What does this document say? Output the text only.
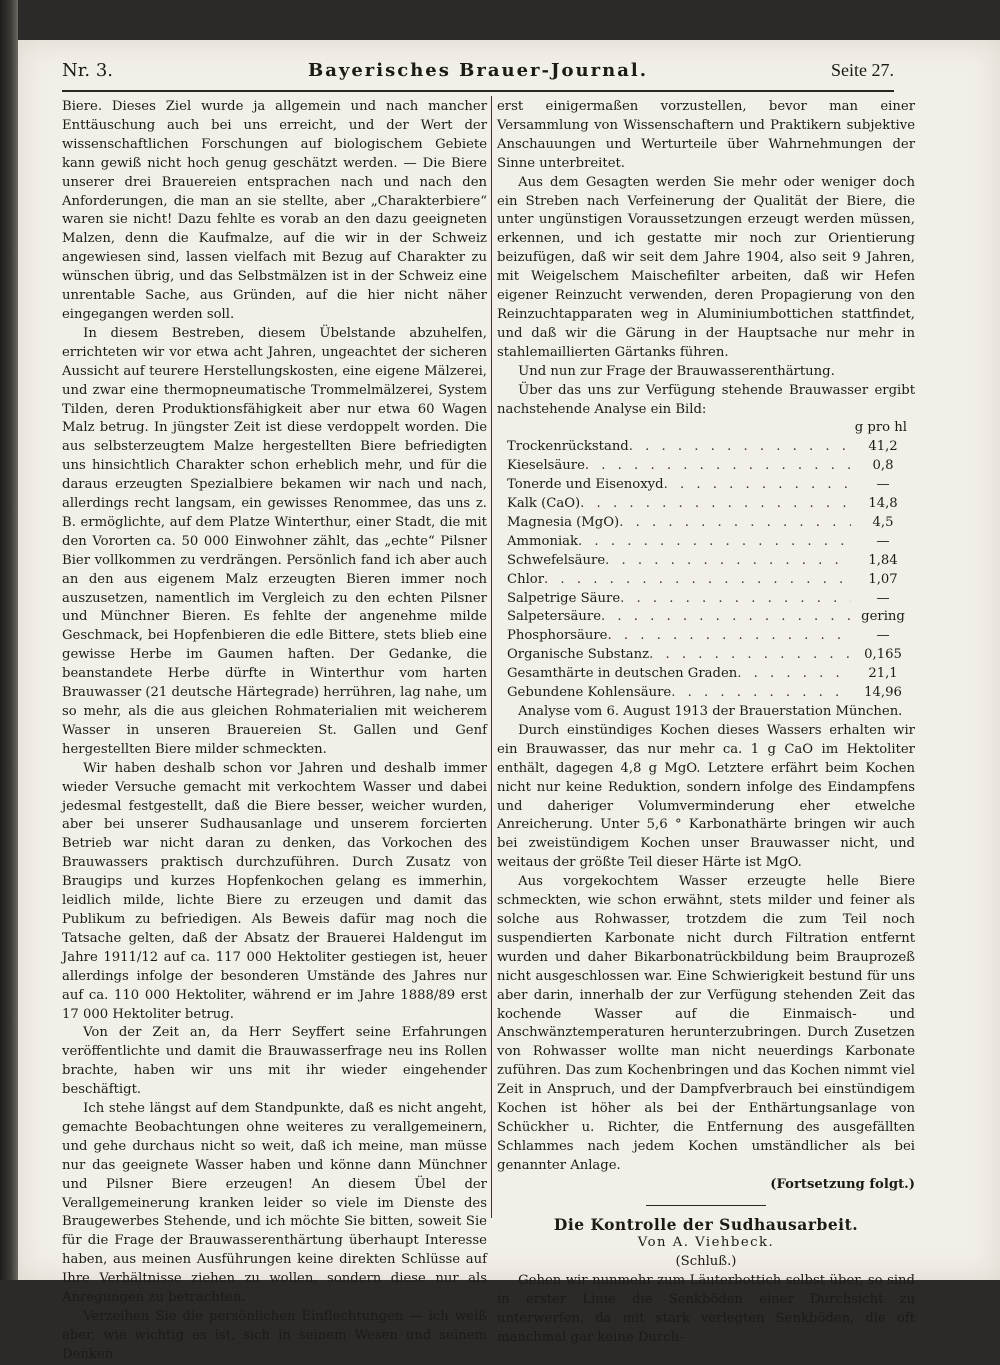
Nr. 3.	Bayerisches Brauer-Journal.	Seite 27.

Biere. Dieses Ziel wurde ja allgemein und nach mancher Enttäuschung auch bei uns erreicht, und der Wert der wissenschaftlichen Forschungen auf biologischem Gebiete kann gewiß nicht hoch genug geschätzt werden. — Die Biere unserer drei Brauereien entsprachen nach und nach den Anforderungen, die man an sie stellte, aber „Charakterbiere“ waren sie nicht! Dazu fehlte es vorab an den dazu geeigneten Malzen, denn die Kaufmalze, auf die wir in der Schweiz angewiesen sind, lassen vielfach mit Bezug auf Charakter zu wünschen übrig, und das Selbstmälzen ist in der Schweiz eine unrentable Sache, aus Gründen, auf die hier nicht näher eingegangen werden soll.

In diesem Bestreben, diesem Übelstande abzuhelfen, errichteten wir vor etwa acht Jahren, ungeachtet der sicheren Aussicht auf teurere Herstellungskosten, eine eigene Mälzerei, und zwar eine thermopneumatische Trommelmälzerei, System Tilden, deren Produktionsfähigkeit aber nur etwa 60 Wagen Malz betrug. In jüngster Zeit ist diese verdoppelt worden. Die aus selbsterzeugtem Malze hergestellten Biere befriedigten uns hinsichtlich Charakter schon erheblich mehr, und für die daraus erzeugten Spezialbiere bekamen wir nach und nach, allerdings recht langsam, ein gewisses Renommee, das uns z. B. ermöglichte, auf dem Platze Winterthur, einer Stadt, die mit den Vororten ca. 50 000 Einwohner zählt, das „echte“ Pilsner Bier vollkommen zu verdrängen. Persönlich fand ich aber auch an den aus eigenem Malz erzeugten Bieren immer noch auszusetzen, namentlich im Vergleich zu den echten Pilsner und Münchner Bieren. Es fehlte der angenehme milde Geschmack, bei Hopfenbieren die edle Bittere, stets blieb eine gewisse Herbe im Gaumen haften. Der Gedanke, die beanstandete Herbe dürfte in Winterthur vom harten Brauwasser (21 deutsche Härtegrade) herrühren, lag nahe, um so mehr, als die aus gleichen Rohmaterialien mit weicherem Wasser in unseren Brauereien St. Gallen und Genf hergestellten Biere milder schmeckten.

Wir haben deshalb schon vor Jahren und deshalb immer wieder Versuche gemacht mit verkochtem Wasser und dabei jedesmal festgestellt, daß die Biere besser, weicher wurden, aber bei unserer Sudhausanlage und unserem forcierten Betrieb war nicht daran zu denken, das Vorkochen des Brauwassers praktisch durchzuführen. Durch Zusatz von Braugips und kurzes Hopfenkochen gelang es immerhin, leidlich milde, lichte Biere zu erzeugen und damit das Publikum zu befriedigen. Als Beweis dafür mag noch die Tatsache gelten, daß der Absatz der Brauerei Haldengut im Jahre 1911/12 auf ca. 117 000 Hektoliter gestiegen ist, heuer allerdings infolge der besonderen Umstände des Jahres nur auf ca. 110 000 Hektoliter, während er im Jahre 1888/89 erst 17 000 Hektoliter betrug.

Von der Zeit an, da Herr Seyffert seine Erfahrungen veröffentlichte und damit die Brauwasserfrage neu ins Rollen brachte, haben wir uns mit ihr wieder eingehender beschäftigt.

Ich stehe längst auf dem Standpunkte, daß es nicht angeht, gemachte Beobachtungen ohne weiteres zu verallgemeinern, und gehe durchaus nicht so weit, daß ich meine, man müsse nur das geeignete Wasser haben und könne dann Münchner und Pilsner Biere erzeugen! An diesem Übel der Verallgemeinerung kranken leider so viele im Dienste des Braugewerbes Stehende, und ich möchte Sie bitten, soweit Sie für die Frage der Brauwasserenthärtung überhaupt Interesse haben, aus meinen Ausführungen keine direkten Schlüsse auf Ihre Verhältnisse ziehen zu wollen, sondern diese nur als Anregungen zu betrachten.

Verzeihen Sie die persönlichen Einflechtungen — ich weiß aber, wie wichtig es ist, sich in seinem Wesen und seinem Denken

erst einigermaßen vorzustellen, bevor man einer Versammlung von Wissenschaftern und Praktikern subjektive Anschauungen und Werturteile über Wahrnehmungen der Sinne unterbreitet.

Aus dem Gesagten werden Sie mehr oder weniger doch ein Streben nach Verfeinerung der Qualität der Biere, die unter ungünstigen Voraussetzungen erzeugt werden müssen, erkennen, und ich gestatte mir noch zur Orientierung beizufügen, daß wir seit dem Jahre 1904, also seit 9 Jahren, mit Weigelschem Maischefilter arbeiten, daß wir Hefen eigener Reinzucht verwenden, deren Propagierung von den Reinzuchtapparaten weg in Aluminiumbottichen stattfindet, und daß wir die Gärung in der Hauptsache nur mehr in stahlemaillierten Gärtanks führen.

Und nun zur Frage der Brauwasserenthärtung.

Über das uns zur Verfügung stehende Brauwasser ergibt nachstehende Analyse ein Bild:

g pro hl
Trockenrückstand . . .	41,2
Kieselsäure . . .	0,8
Tonerde und Eisenoxyd . . .	—
Kalk (CaO) . . .	14,8
Magnesia (MgO) . . .	4,5
Ammoniak . . .	—
Schwefelsäure . . .	1,84
Chlor . . .	1,07
Salpetrige Säure . . .	—
Salpetersäure . . .	gering
Phosphorsäure . . .	—
Organische Substanz . . .	0,165
Gesamthärte in deutschen Graden . . .	21,1
Gebundene Kohlensäure . . .	14,96

Analyse vom 6. August 1913 der Brauerstation München.

Durch einstündiges Kochen dieses Wassers erhalten wir ein Brauwasser, das nur mehr ca. 1 g CaO im Hektoliter enthält, dagegen 4,8 g MgO. Letztere erfährt beim Kochen nicht nur keine Reduktion, sondern infolge des Eindampfens und daheriger Volumverminderung eher etwelche Anreicherung. Unter 5,6 ° Karbonathärte bringen wir auch bei zweistündigem Kochen unser Brauwasser nicht, und weitaus der größte Teil dieser Härte ist MgO.

Aus vorgekochtem Wasser erzeugte helle Biere schmeckten, wie schon erwähnt, stets milder und feiner als solche aus Rohwasser, trotzdem die zum Teil noch suspendierten Karbonate nicht durch Filtration entfernt wurden und daher Bikarbonatrückbildung beim Brauprozeß nicht ausgeschlossen war. Eine Schwierigkeit bestund für uns aber darin, innerhalb der zur Verfügung stehenden Zeit das kochende Wasser auf die Einmaisch- und Anschwänztemperaturen herunterzubringen. Durch Zusetzen von Rohwasser wollte man nicht neuerdings Karbonate zuführen. Das zum Kochenbringen und das Kochen nimmt viel Zeit in Anspruch, und der Dampfverbrauch bei einstündigem Kochen ist höher als bei der Enthärtungsanlage von Schückher u. Richter, die Entfernung des ausgefällten Schlammes nach jedem Kochen umständlicher als bei genannter Anlage.

(Fortsetzung folgt.)
Die Kontrolle der Sudhausarbeit.
Von A. Viehbeck.
(Schluß.)

Gehen wir nunmehr zum Läuterbottich selbst über, so sind in erster Linie die Senkböden einer Durchsicht zu unterwerfen, da mit stark verlegten Senkböden, die oft manchmal gar keine Durch-
